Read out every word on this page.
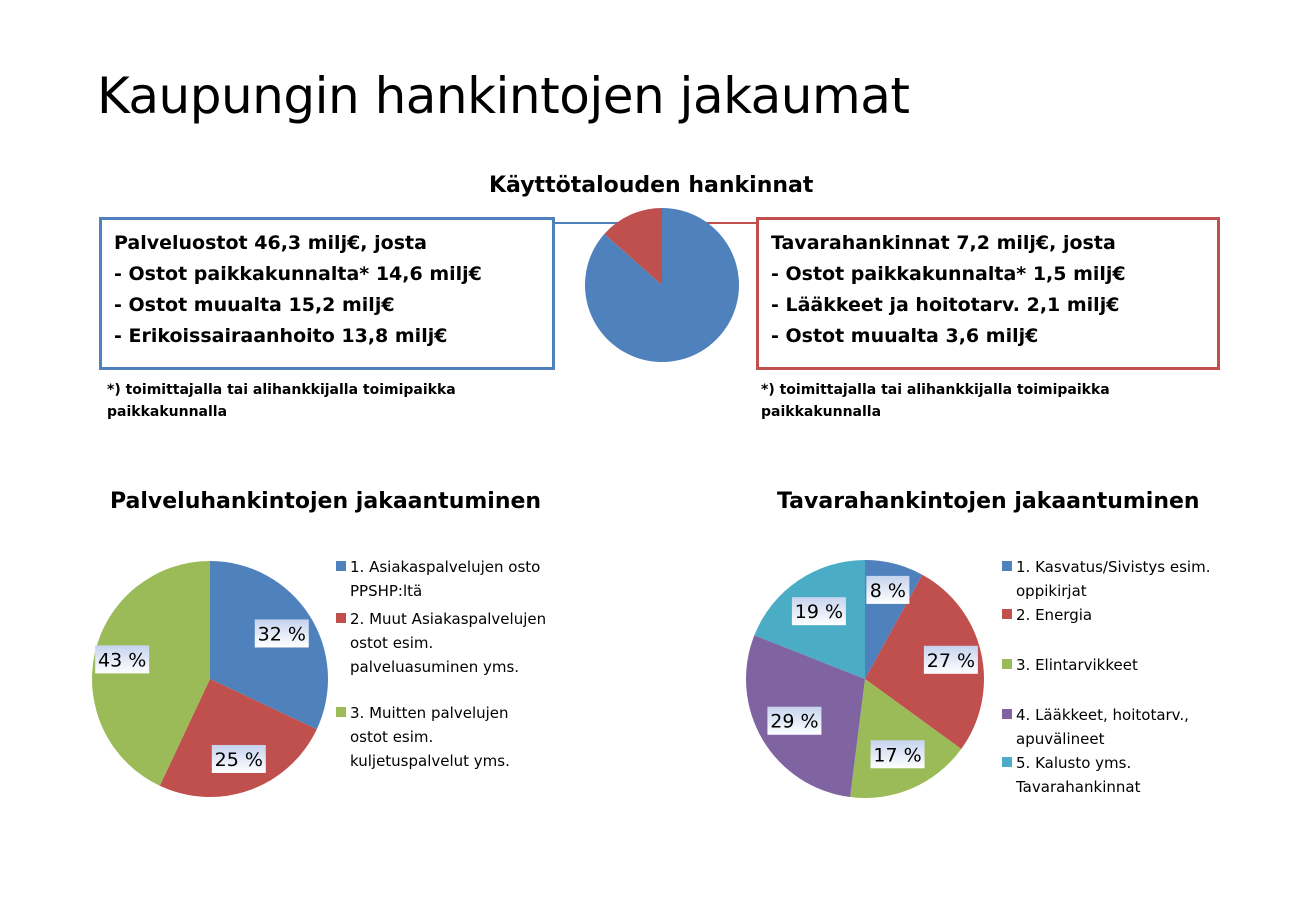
Kaupungin hankintojen jakaumat
Käyttötalouden hankinnat
Palveluostot 46,3 milj€, josta
- Ostot paikkakunnalta* 14,6 milj€
- Ostot muualta 15,2 milj€
- Erikoissairaanhoito 13,8 milj€
Tavarahankinnat 7,2 milj€, josta
- Ostot paikkakunnalta* 1,5 milj€
- Lääkkeet ja hoitotarv. 2,1 milj€
- Ostot muualta 3,6 milj€
*) toimittajalla tai alihankkijalla toimipaikka
paikkakunnalla
*) toimittajalla tai alihankkijalla toimipaikka
paikkakunnalla
Palveluhankintojen jakaantuminen
32 %
25 %
43 %
1. Asiakaspalvelujen osto
PPSHP:ltä
2. Muut Asiakaspalvelujen
ostot esim.
palveluasuminen yms.
3. Muitten palvelujen
ostot esim.
kuljetuspalvelut yms.
Tavarahankintojen jakaantuminen
8 %
27 %
17 %
29 %
19 %
1. Kasvatus/Sivistys esim.
oppikirjat
2. Energia
3. Elintarvikkeet
4. Lääkkeet, hoitotarv.,
apuvälineet
5. Kalusto yms.
Tavarahankinnat
